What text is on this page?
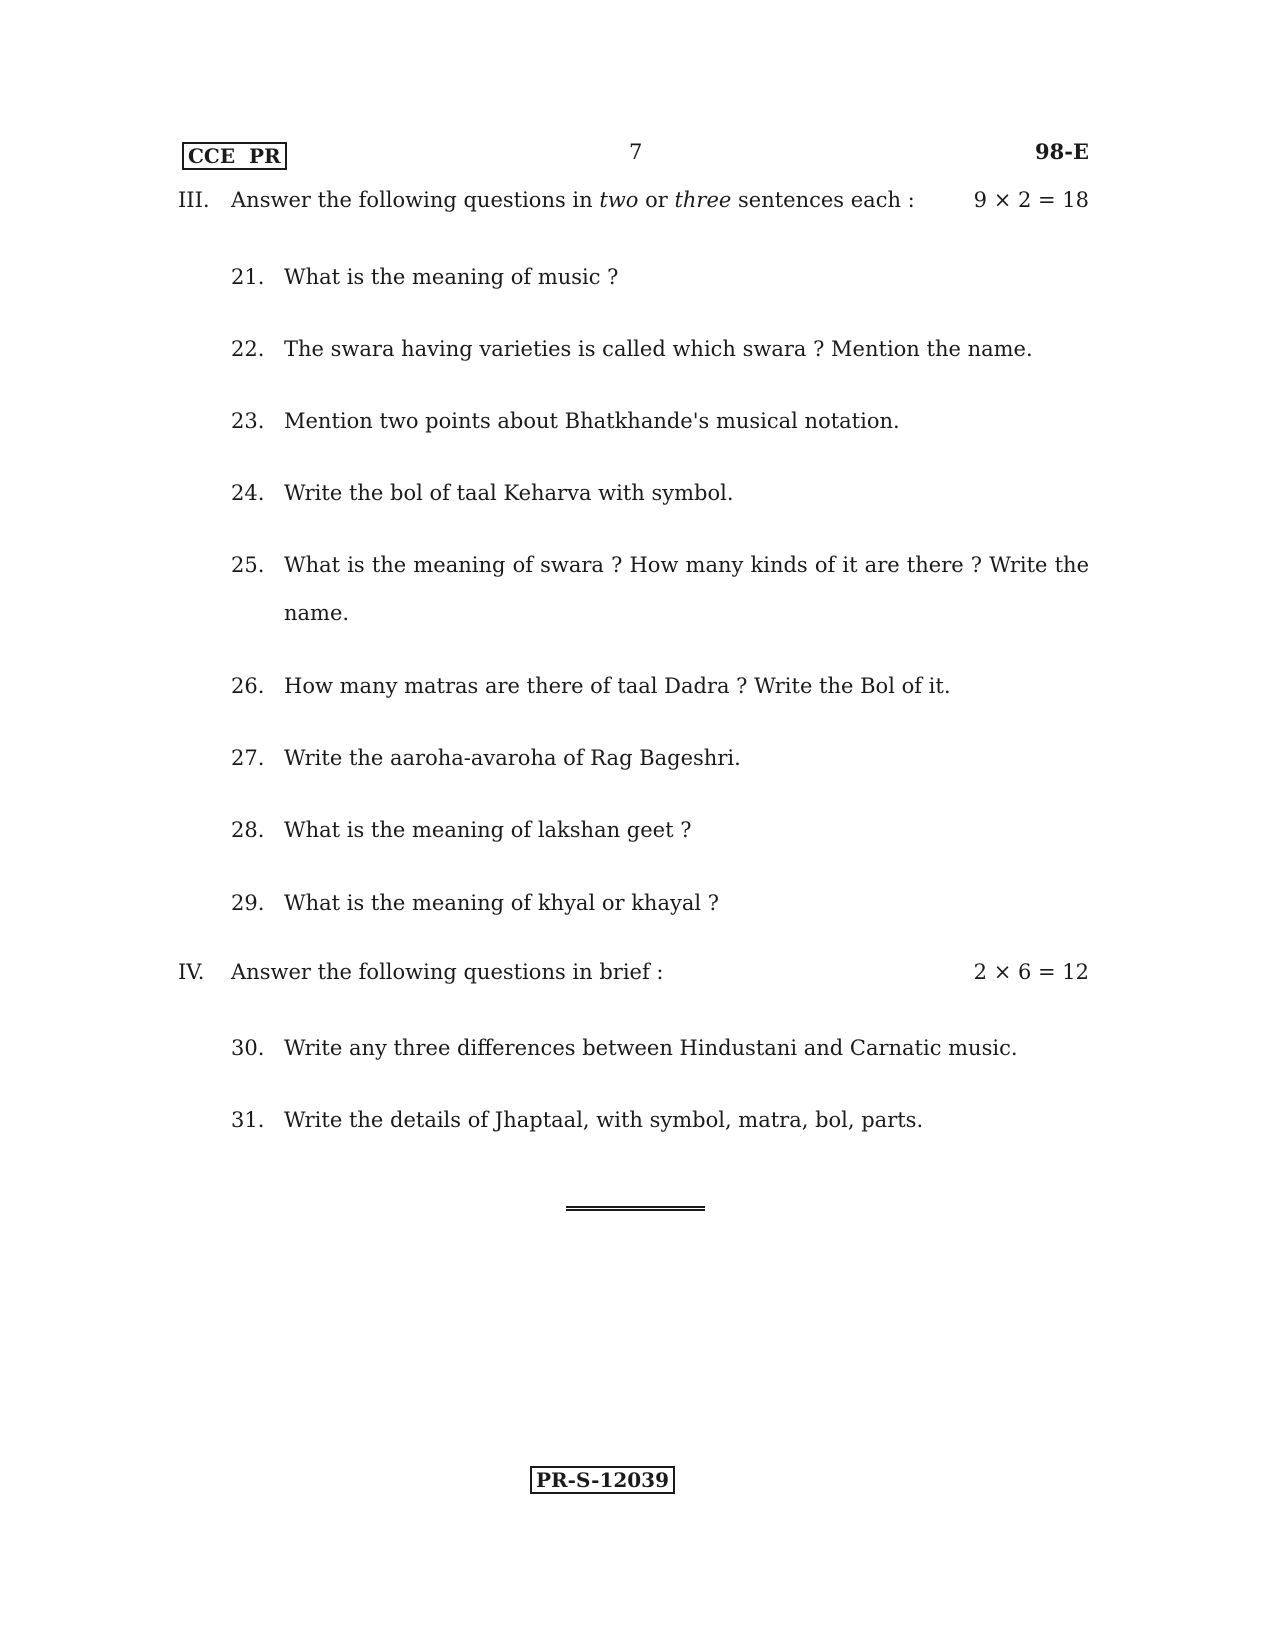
CCE  PR	7	98-E
III. Answer the following questions in two or three sentences each :	9 × 2 = 18
21. What is the meaning of music ?
22. The swara having varieties is called which swara ? Mention the name.
23. Mention two points about Bhatkhande's musical notation.
24. Write the bol of taal Keharva with symbol.
25. What is the meaning of swara ? How many kinds of it are there ? Write the name.
26. How many matras are there of taal Dadra ? Write the Bol of it.
27. Write the aaroha-avaroha of Rag Bageshri.
28. What is the meaning of lakshan geet ?
29. What is the meaning of khyal or khayal ?
IV. Answer the following questions in brief :	2 × 6 = 12
30. Write any three differences between Hindustani and Carnatic music.
31. Write the details of Jhaptaal, with symbol, matra, bol, parts.
PR-S-12039
